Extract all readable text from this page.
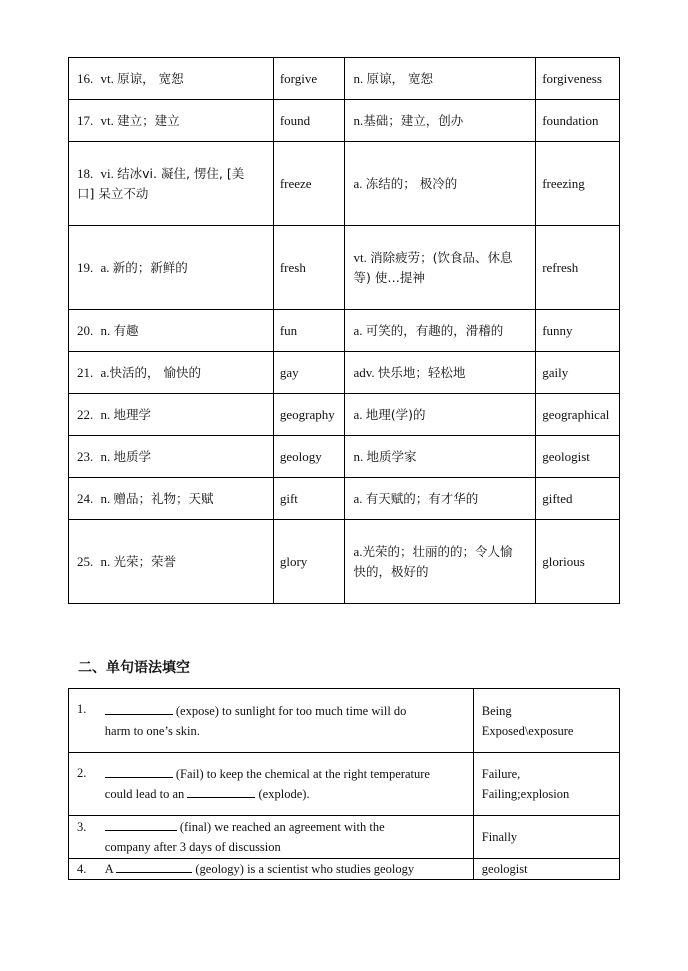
16. vt. 原谅， 宽恕	forgive	n. 原谅， 宽恕	forgiveness
17. vt. 建立；建立	found	n.基础；建立，创办	foundation
18. vi. 结冰vi. 凝住, 愣住, [美
口] 呆立不动	freeze	a. 冻结的； 极冷的	freezing
19. a. 新的；新鲜的	fresh	vt. 消除疲劳；(饮食品、休息
等) 使…提神	refresh
20. n. 有趣	fun	a. 可笑的，有趣的，滑稽的	funny
21. a.快活的， 愉快的	gay	adv. 快乐地；轻松地	gaily
22. n. 地理学	geography	a. 地理(学)的	geographical
23. n. 地质学	geology	n. 地质学家	geologist
24. n. 赠品；礼物；天赋	gift	a. 有天赋的；有才华的	gifted
25. n. 光荣；荣誉	glory	a.光荣的；壮丽的的；令人愉
快的，极好的	glorious
二、单句语法填空
1.	(expose) to sunlight for too much time will do
harm to one’s skin.	Being
Exposed\exposure
2.	(Fail) to keep the chemical at the right temperature
could lead to an (explode).	Failure,
Failing;explosion
3.	(final) we reached an agreement with the
company after 3 days of discussion	Finally
4.	A (geology) is a scientist who studies geology	geologist
